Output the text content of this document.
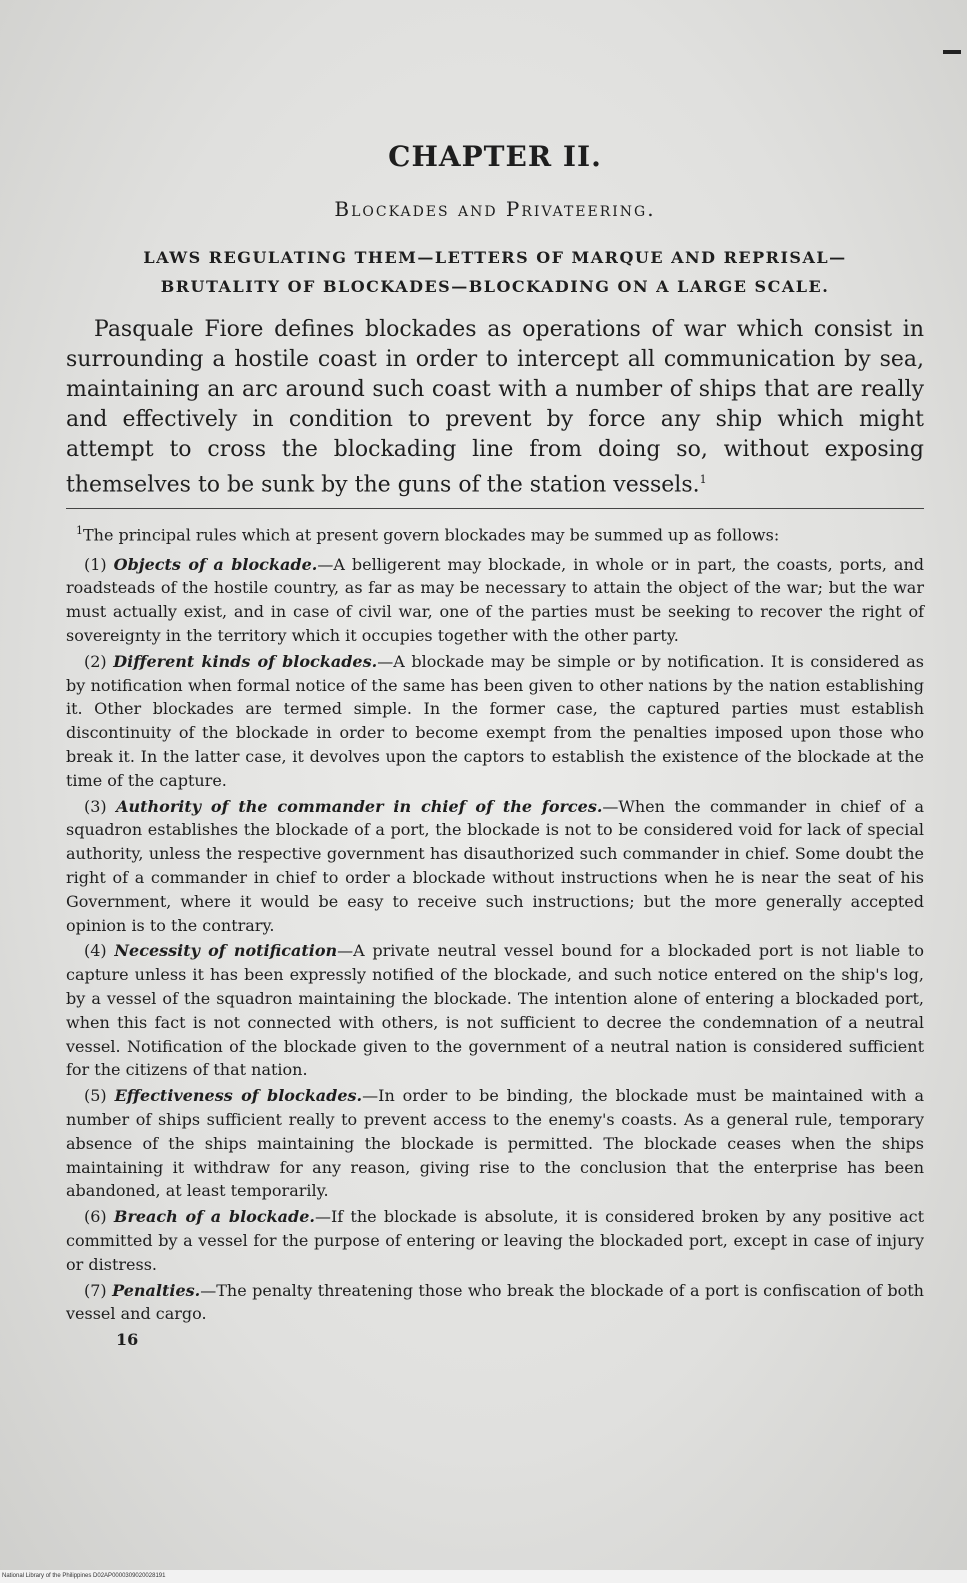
CHAPTER II.
Blockades and Privateering.
LAWS REGULATING THEM—LETTERS OF MARQUE AND REPRISAL—
BRUTALITY OF BLOCKADES—BLOCKADING ON A LARGE SCALE.

Pasquale Fiore defines blockades as operations of war which consist in surrounding a hostile coast in order to intercept all communication by sea, maintaining an arc around such coast with a number of ships that are really and effectively in condition to prevent by force any ship which might attempt to cross the blockading line from doing so, without exposing themselves to be sunk by the guns of the station vessels.$^1$

$^1$The principal rules which at present govern blockades may be summed up as follows:

(1) Objects of a blockade.—A belligerent may blockade, in whole or in part, the coasts, ports, and roadsteads of the hostile country, as far as may be necessary to attain the object of the war; but the war must actually exist, and in case of civil war, one of the parties must be seeking to recover the right of sovereignty in the territory which it occupies together with the other party.

(2) Different kinds of blockades.—A blockade may be simple or by notification. It is considered as by notification when formal notice of the same has been given to other nations by the nation establishing it. Other blockades are termed simple. In the former case, the captured parties must establish discontinuity of the blockade in order to become exempt from the penalties imposed upon those who break it. In the latter case, it devolves upon the captors to establish the existence of the blockade at the time of the capture.

(3) Authority of the commander in chief of the forces.—When the commander in chief of a squadron establishes the blockade of a port, the blockade is not to be considered void for lack of special authority, unless the respective government has disauthorized such commander in chief. Some doubt the right of a commander in chief to order a blockade without instructions when he is near the seat of his Government, where it would be easy to receive such instructions; but the more generally accepted opinion is to the contrary.

(4) Necessity of notification—A private neutral vessel bound for a blockaded port is not liable to capture unless it has been expressly notified of the blockade, and such notice entered on the ship's log, by a vessel of the squadron maintaining the blockade. The intention alone of entering a blockaded port, when this fact is not connected with others, is not sufficient to decree the condemnation of a neutral vessel. Notification of the blockade given to the government of a neutral nation is considered sufficient for the citizens of that nation.

(5) Effectiveness of blockades.—In order to be binding, the blockade must be maintained with a number of ships sufficient really to prevent access to the enemy's coasts. As a general rule, temporary absence of the ships maintaining the blockade is permitted. The blockade ceases when the ships maintaining it withdraw for any reason, giving rise to the conclusion that the enterprise has been abandoned, at least temporarily.

(6) Breach of a blockade.—If the blockade is absolute, it is considered broken by any positive act committed by a vessel for the purpose of entering or leaving the blockaded port, except in case of injury or distress.

(7) Penalties.—The penalty threatening those who break the blockade of a port is confiscation of both vessel and cargo.

16
National Library of the Philippines D02AP0000309020028191
